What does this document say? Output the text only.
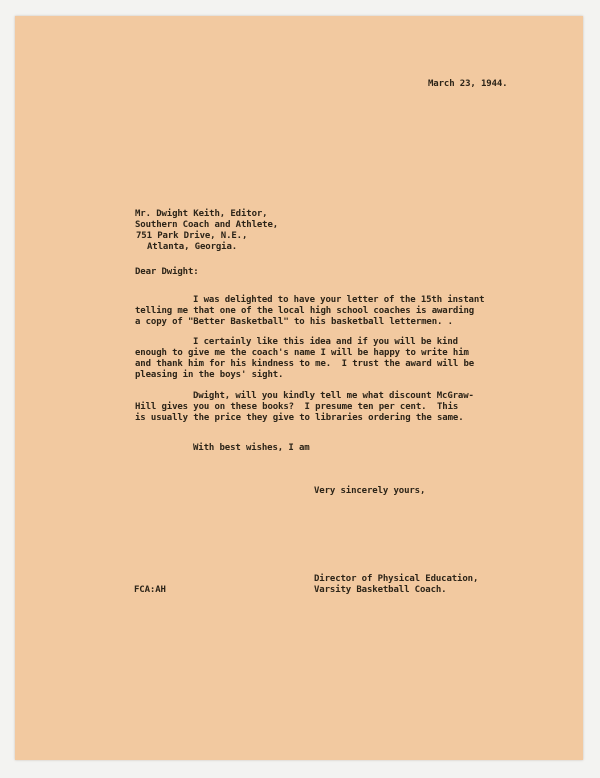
March 23, 1944.
Mr. Dwight Keith, Editor,
Southern Coach and Athlete,
751 Park Drive, N.E.,
Atlanta, Georgia.
Dear Dwight:
I was delighted to have your letter of the 15th instant
telling me that one of the local high school coaches is awarding
a copy of "Better Basketball" to his basketball lettermen. .
I certainly like this idea and if you will be kind
enough to give me the coach's name I will be happy to write him
and thank him for his kindness to me.  I trust the award will be
pleasing in the boys' sight.
Dwight, will you kindly tell me what discount McGraw-
Hill gives you on these books?  I presume ten per cent.  This
is usually the price they give to libraries ordering the same.
With best wishes, I am
Very sincerely yours,
Director of Physical Education,
Varsity Basketball Coach.
FCA:AH
